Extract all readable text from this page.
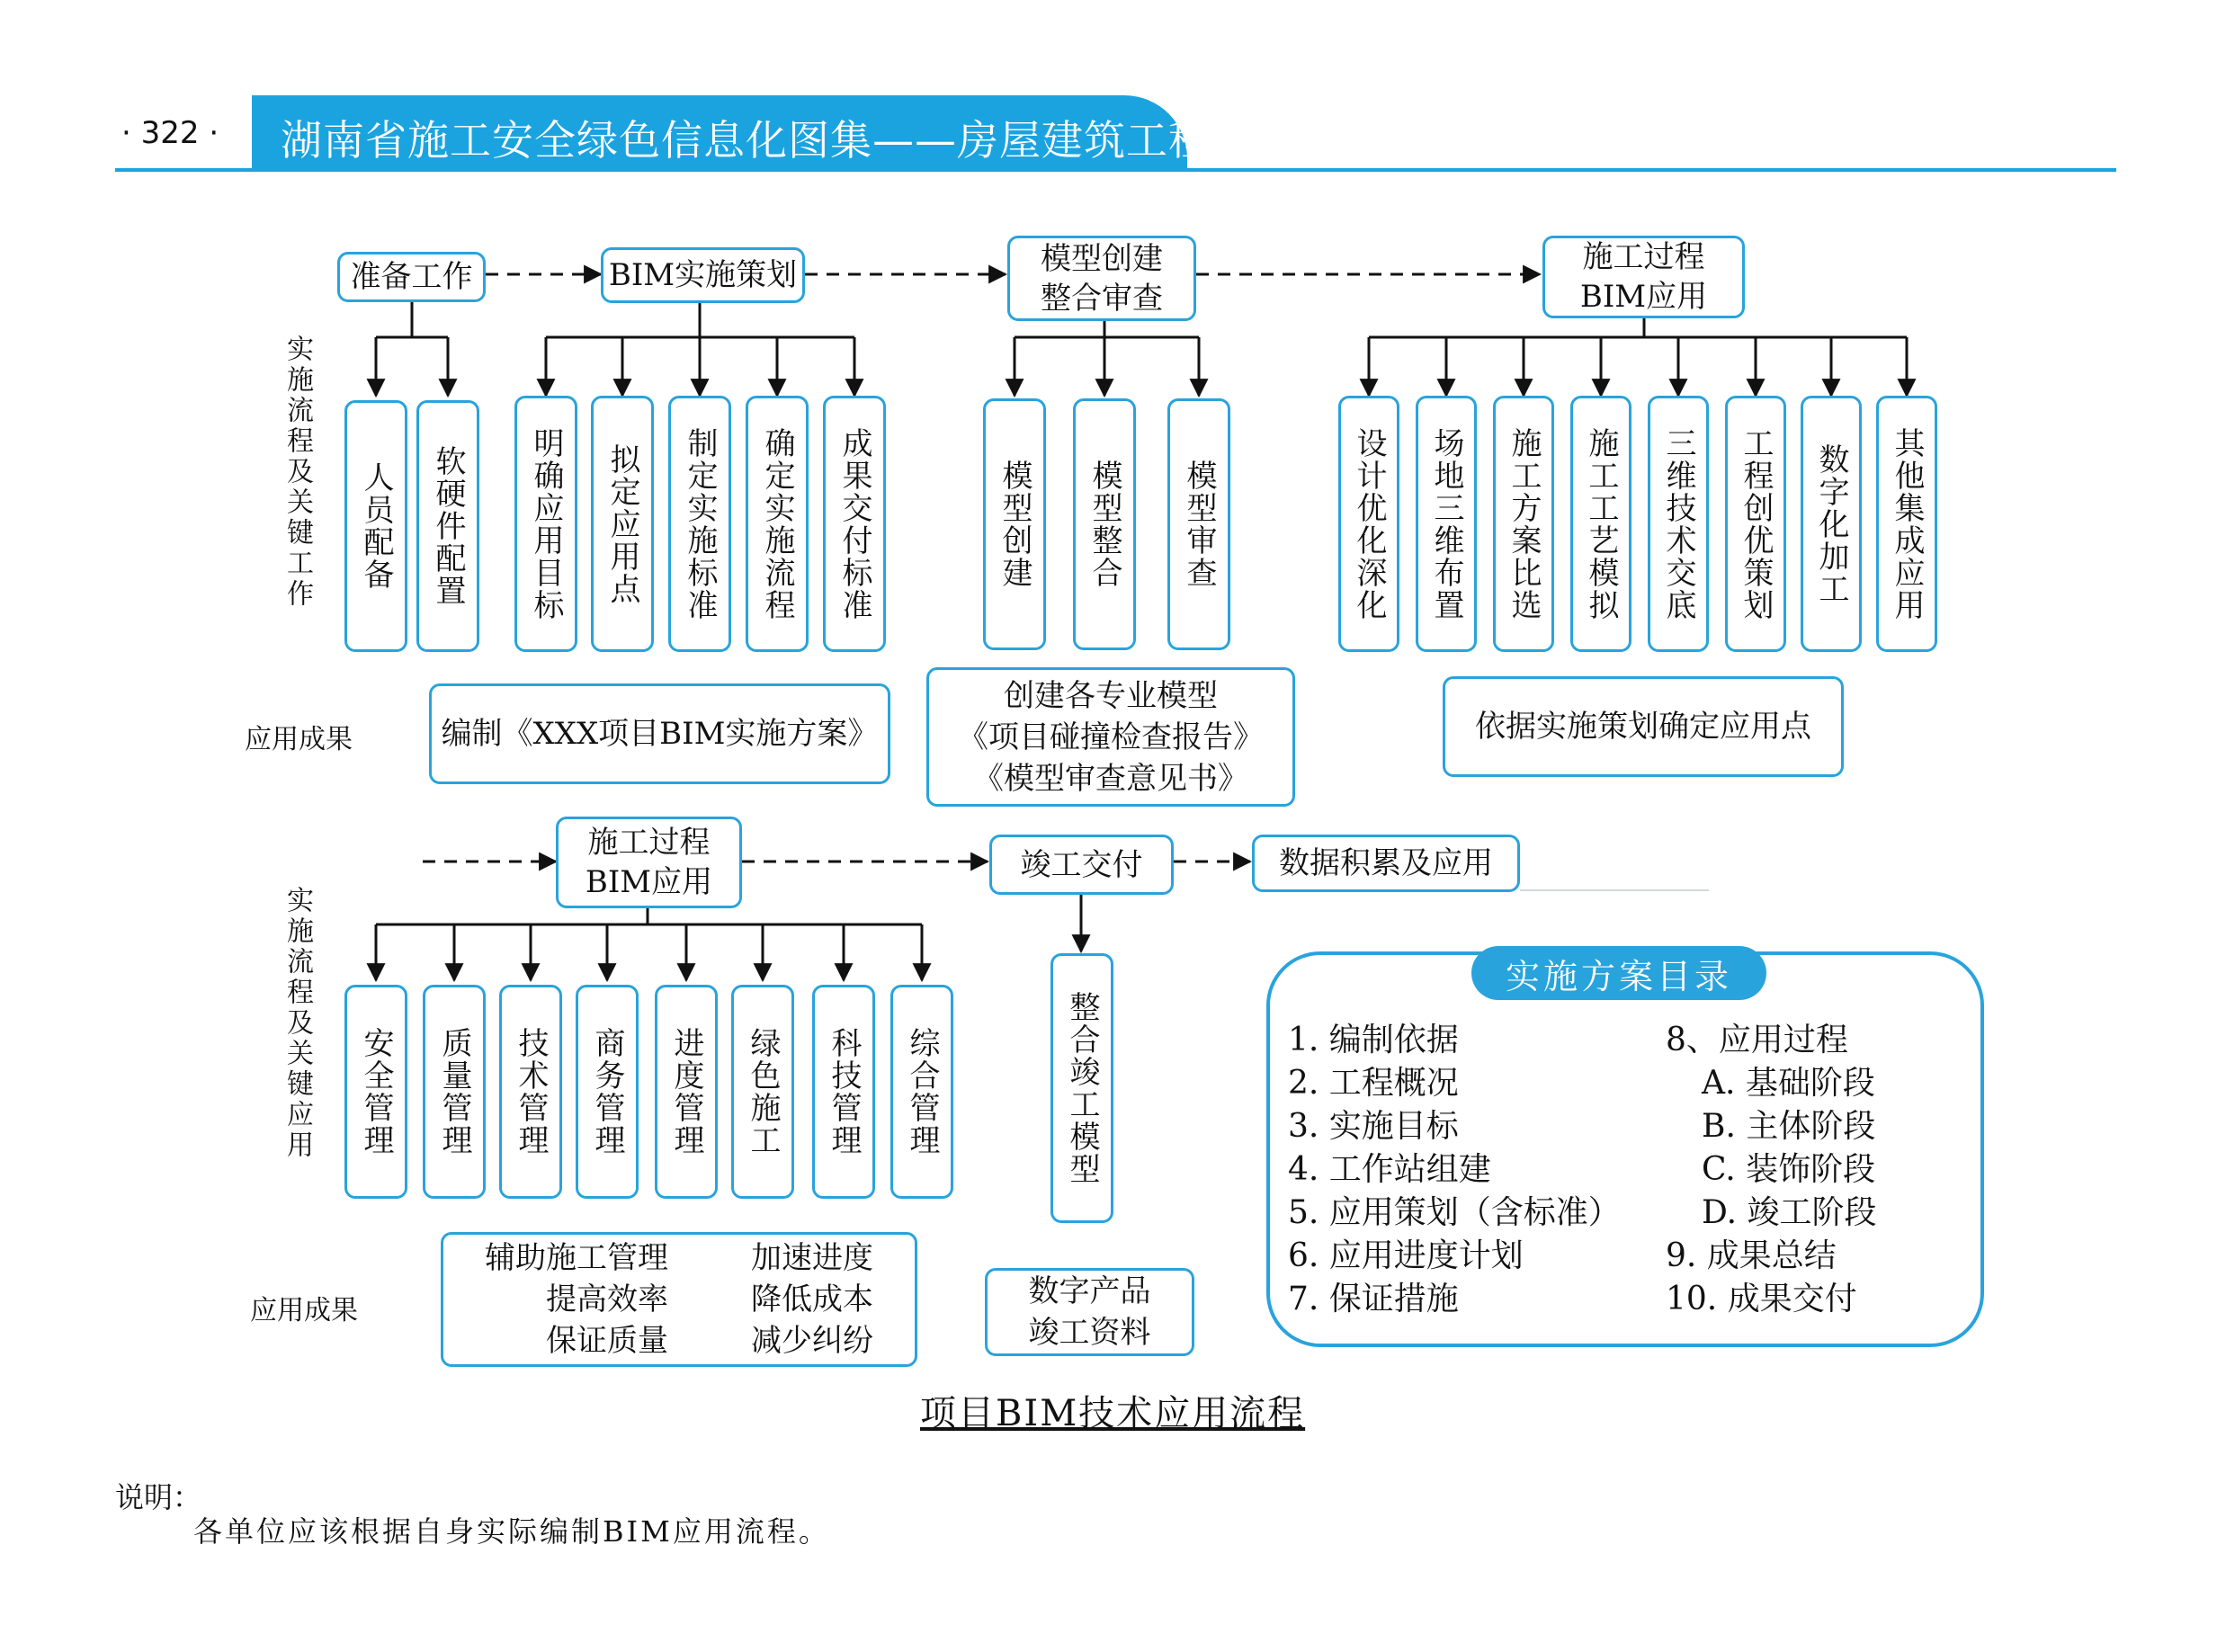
· 322 · 湖南省施工安全绿色信息化图集——房屋建筑工程
实施流程及关键工作
应用成果
准备工作	BIM实施策划	模型创建
整合审查
施工过程
BIM应用
人员配备	软硬件配置	明确应用目标	拟定应用点	制定实施标准	确定实施流程	成果交付标准	模型创建	模型整合	模型审查	设计优化深化	场地三维布置	施工方案比选	施工工艺模拟	三维技术交底	工程创优策划	数字化加工	其他集成应用
编制《XXX项目BIM实施方案》
创建各专业模型
《项目碰撞检查报告》
《模型审查意见书》
依据实施策划确定应用点
实施流程及关键应用
应用成果
施工过程
BIM应用	竣工交付	数据积累及应用
安全管理	质量管理	技术管理	商务管理	进度管理	绿色施工	科技管理	综合管理	整合竣工模型
辅助施工管理
提高效率
保证质量
加速进度
降低成本
减少纠纷
数字产品
竣工资料
实施方案目录
1. 编制依据
2. 工程概况
3. 实施目标
4. 工作站组建
5. 应用策划（含标准）
6. 应用进度计划
7. 保证措施
8、应用过程
A. 基础阶段
B. 主体阶段
C. 装饰阶段
D. 竣工阶段
9. 成果总结
10. 成果交付
项目BIM技术应用流程
说明：
各单位应该根据自身实际编制BIM应用流程。
